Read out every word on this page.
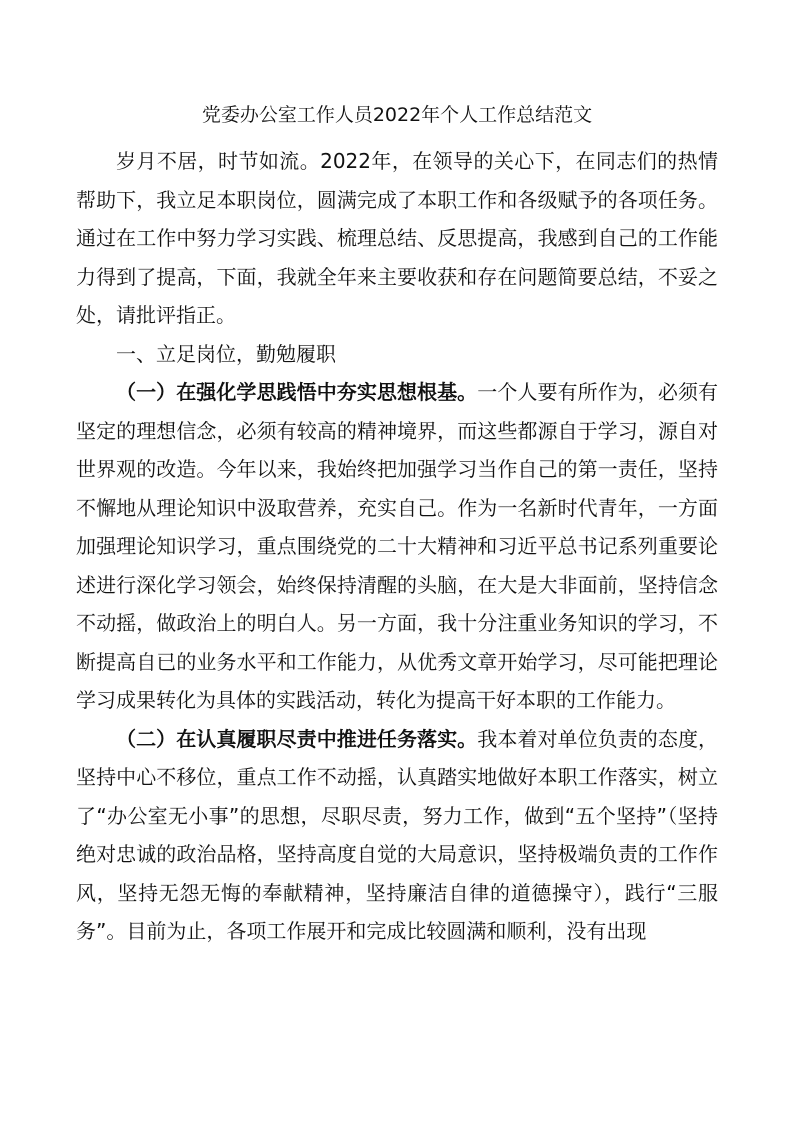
党委办公室工作人员2022年个人工作总结范文

岁月不居，时节如流。2022年，在领导的关心下，在同志们的热情帮助下，我立足本职岗位，圆满完成了本职工作和各级赋予的各项任务。通过在工作中努力学习实践、梳理总结、反思提高，我感到自己的工作能力得到了提高，下面，我就全年来主要收获和存在问题简要总结，不妥之处，请批评指正。

一、立足岗位，勤勉履职

（一）在强化学思践悟中夯实思想根基。一个人要有所作为，必须有坚定的理想信念，必须有较高的精神境界，而这些都源自于学习，源自对世界观的改造。今年以来，我始终把加强学习当作自己的第一责任，坚持不懈地从理论知识中汲取营养，充实自己。作为一名新时代青年，一方面加强理论知识学习，重点围绕党的二十大精神和习近平总书记系列重要论述进行深化学习领会，始终保持清醒的头脑，在大是大非面前，坚持信念不动摇，做政治上的明白人。另一方面，我十分注重业务知识的学习，不断提高自已的业务水平和工作能力，从优秀文章开始学习，尽可能把理论学习成果转化为具体的实践活动，转化为提高干好本职的工作能力。

（二）在认真履职尽责中推进任务落实。我本着对单位负责的态度，坚持中心不移位，重点工作不动摇，认真踏实地做好本职工作落实，树立了“办公室无小事”的思想，尽职尽责，努力工作，做到“五个坚持”（坚持绝对忠诚的政治品格，坚持高度自觉的大局意识，坚持极端负责的工作作风，坚持无怨无悔的奉献精神，坚持廉洁自律的道德操守），践行“三服务”。目前为止，各项工作展开和完成比较圆满和顺利，没有出现
